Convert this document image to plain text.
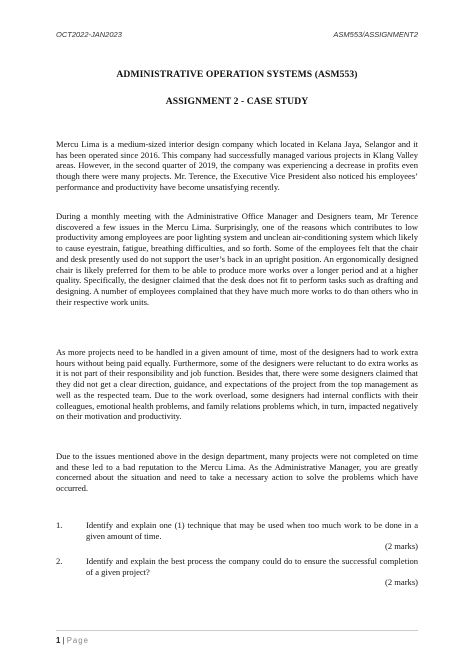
OCT2022-JAN2023	ASM553/ASSIGNMENT2
ADMINISTRATIVE OPERATION SYSTEMS (ASM553)
ASSIGNMENT 2 - CASE STUDY
Mercu Lima is a medium-sized interior design company which located in Kelana Jaya, Selangor and it has been operated since 2016. This company had successfully managed various projects in Klang Valley areas. However, in the second quarter of 2019, the company was experiencing a decrease in profits even though there were many projects. Mr. Terence, the Executive Vice President also noticed his employees’ performance and productivity have become unsatisfying recently.
During a monthly meeting with the Administrative Office Manager and Designers team, Mr Terence discovered a few issues in the Mercu Lima. Surprisingly, one of the reasons which contributes to low productivity among employees are poor lighting system and unclean air-conditioning system which likely to cause eyestrain, fatigue, breathing difficulties, and so forth. Some of the employees felt that the chair and desk presently used do not support the user’s back in an upright position. An ergonomically designed chair is likely preferred for them to be able to produce more works over a longer period and at a higher quality. Specifically, the designer claimed that the desk does not fit to perform tasks such as drafting and designing. A number of employees complained that they have much more works to do than others who in their respective work units.
As more projects need to be handled in a given amount of time, most of the designers had to work extra hours without being paid equally. Furthermore, some of the designers were reluctant to do extra works as it is not part of their responsibility and job function. Besides that, there were some designers claimed that they did not get a clear direction, guidance, and expectations of the project from the top management as well as the respected team. Due to the work overload, some designers had internal conflicts with their colleagues, emotional health problems, and family relations problems which, in turn, impacted negatively on their motivation and productivity.
Due to the issues mentioned above in the design department, many projects were not completed on time and these led to a bad reputation to the Mercu Lima. As the Administrative Manager, you are greatly concerned about the situation and need to take a necessary action to solve the problems which have occurred.
1.	Identify and explain one (1) technique that may be used when too much work to be done in a given amount of time.
(2 marks)
2.	Identify and explain the best process the company could do to ensure the successful completion of a given project?
(2 marks)
1 | Page
